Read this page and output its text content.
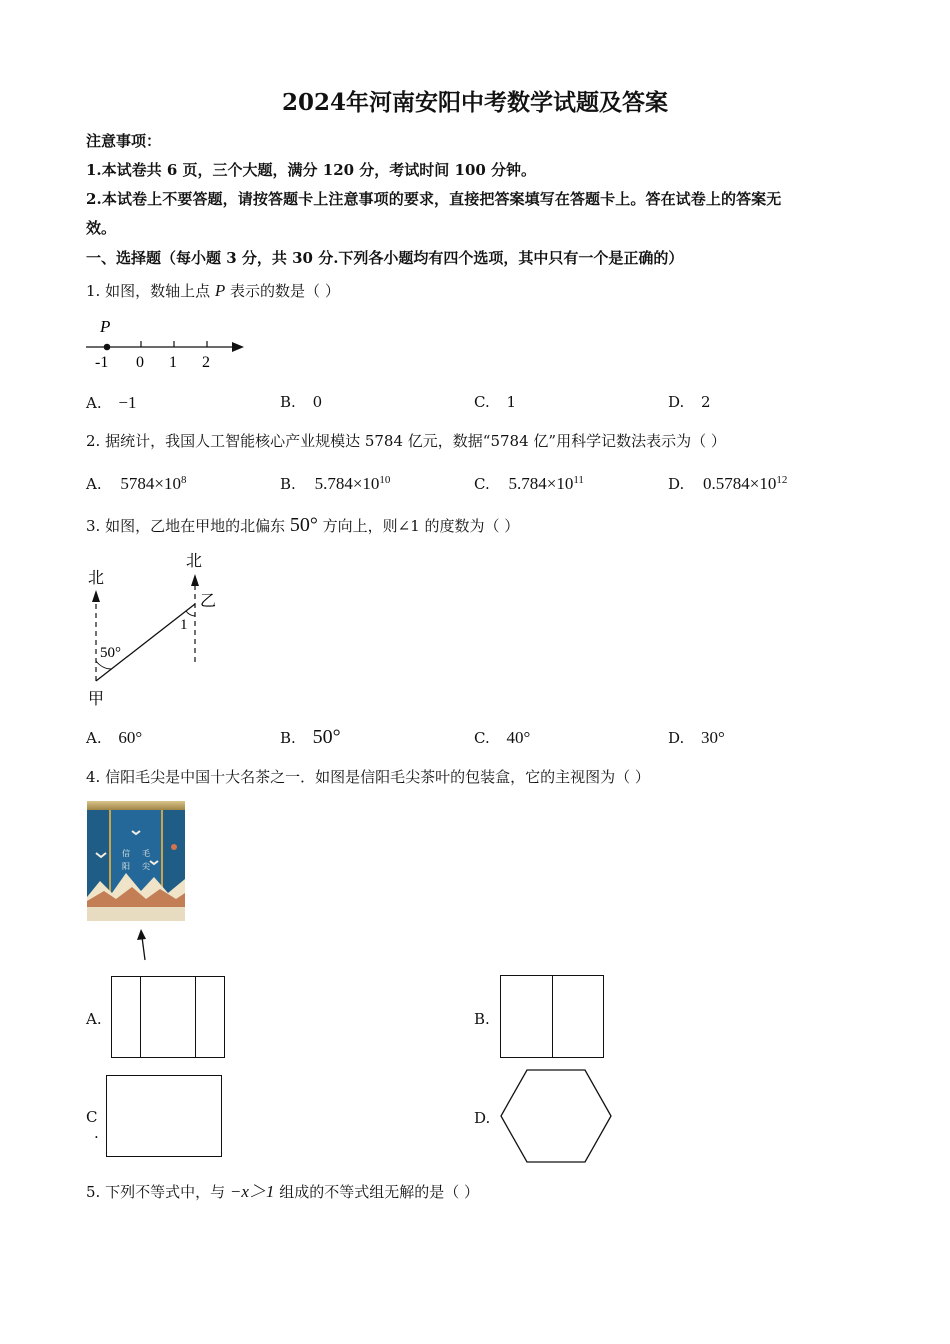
2024年河南安阳中考数学试题及答案
注意事项：
1.本试卷共 6 页，三个大题，满分 120 分，考试时间 100 分钟。
2.本试卷上不要答题，请按答题卡上注意事项的要求，直接把答案填写在答题卡上。答在试卷上的答案无
效。
一、选择题（每小题 3 分，共 30 分.下列各小题均有四个选项，其中只有一个是正确的）
1. 如图，数轴上点 P 表示的数是（ ）
P
-1 0 1 2
A. −1	B. 0	C. 1	D. 2
2. 据统计，我国人工智能核心产业规模达 5784 亿元，数据“5784 亿”用科学记数法表示为（ ）
A. $5784\times 10^8$	B. $5.784\times 10^{10}$	C. $5.784\times 10^{11}$	D. $0.5784\times 10^{12}$
3. 如图，乙地在甲地的北偏东 50° 方向上，则∠1 的度数为（ ）
北
北
乙
1
50°
甲
A. 60°	B. 50°	C. 40°	D. 30°
4. 信阳毛尖是中国十大名茶之一．如图是信阳毛尖茶叶的包装盒，它的主视图为（ ）
信 毛
阳 尖
A.	B.
C
.
D.
5. 下列不等式中，与 −x＞1 组成的不等式组无解的是（ ）
